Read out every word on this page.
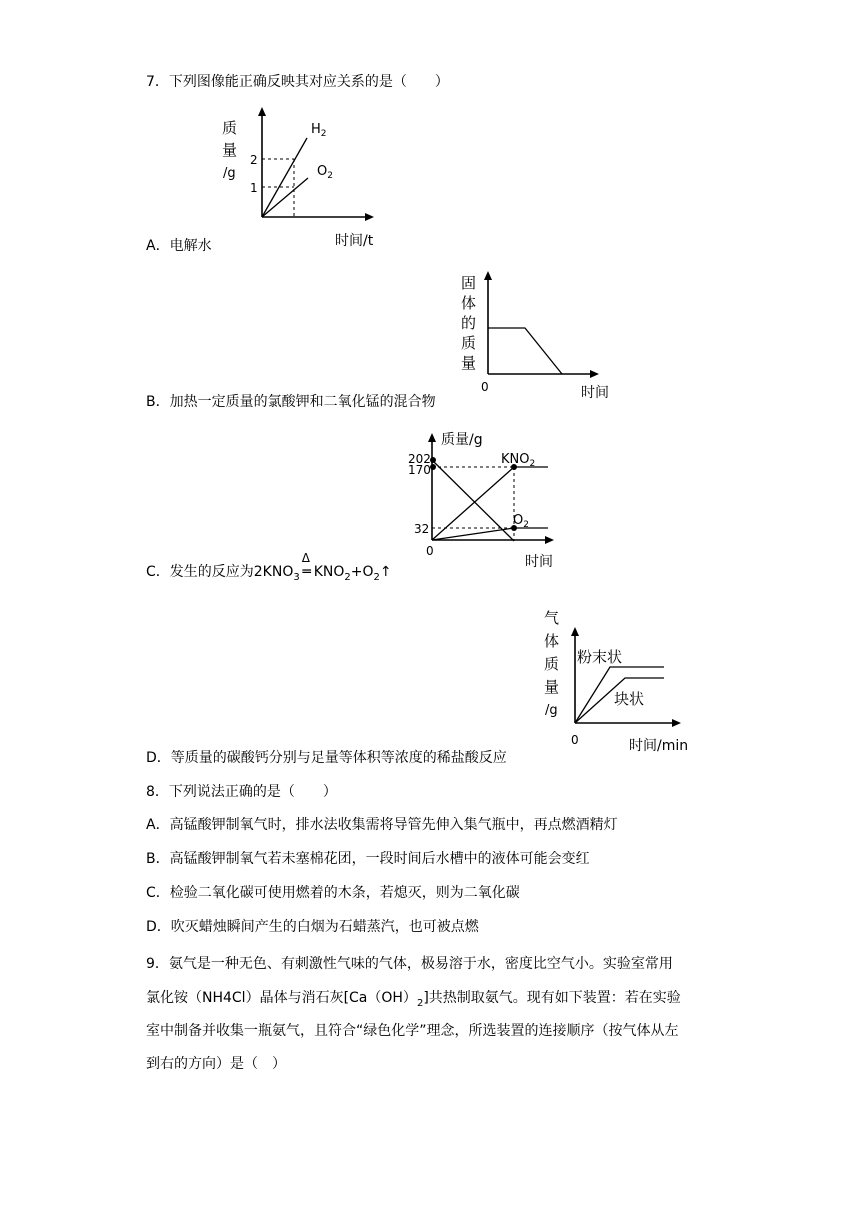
7．下列图像能正确反映其对应关系的是（　　）
质
量
/g
2
1
$H_2$
$O_2$
时间/t
A．电解水
固
体
的
质
量
0	时间
B．加热一定质量的氯酸钾和二氧化锰的混合物
质量/g
202
170
32
0
$KNO_2$
$O_2$
时间
C．发生的反应为$2KNO_3$
Δ
═ $KNO_2+O_2↑$
气
体
质
量
/g
0
粉末状
块状
时间/min
D．等质量的碳酸钙分别与足量等体积等浓度的稀盐酸反应
8．下列说法正确的是（　　）
A．高锰酸钾制氧气时，排水法收集需将导管先伸入集气瓶中，再点燃酒精灯
B．高锰酸钾制氧气若未塞棉花团，一段时间后水槽中的液体可能会变红
C．检验二氧化碳可使用燃着的木条，若熄灭，则为二氧化碳
D．吹灭蜡烛瞬间产生的白烟为石蜡蒸汽，也可被点燃
9．氨气是一种无色、有刺激性气味的气体，极易溶于水，密度比空气小。实验室常用
氯化铵（NH4Cl）晶体与消石灰$[Ca(OH)_2]$共热制取氨气。现有如下装置：若在实验
室中制备并收集一瓶氨气，且符合“绿色化学”理念，所选装置的连接顺序（按气体从左
到右的方向）是（　）
